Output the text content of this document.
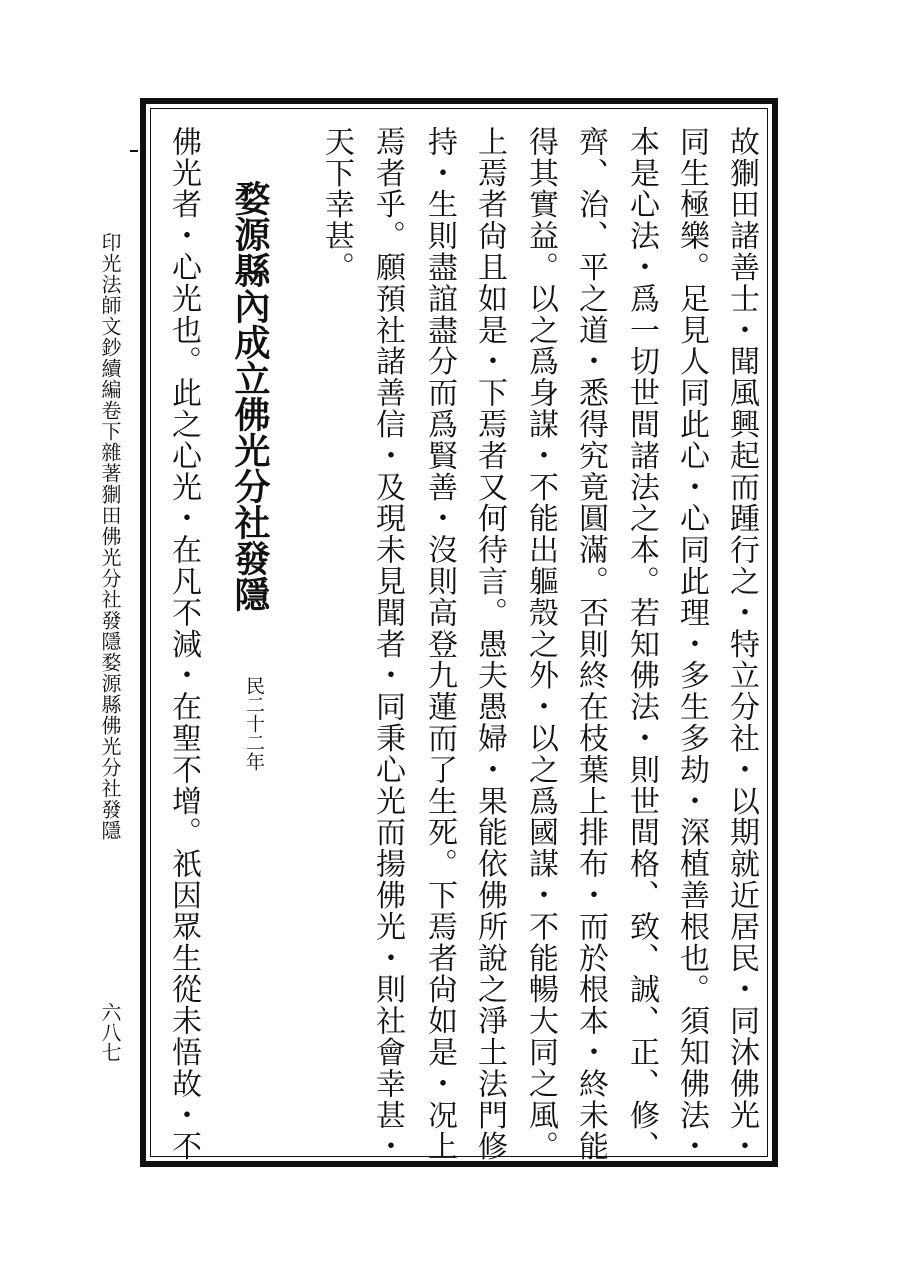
故猘田諸善士・聞風興起而踵行之・特立分社・以期就近居民・同沐佛光・

同生極樂。足見人同此心・心同此理・多生多劫・深植善根也。須知佛法・

本是心法・爲一切世間諸法之本。若知佛法・則世間格、致、誠、正、修、

齊、治、平之道・悉得究竟圓滿。否則終在枝葉上排布・而於根本・終未能

得其實益。以之爲身謀・不能出軀殼之外・以之爲國謀・不能暢大同之風。

上焉者尙且如是・下焉者又何待言。愚夫愚婦・果能依佛所說之淨土法門修

持・生則盡誼盡分而爲賢善・沒則高登九蓮而了生死。下焉者尙如是・况上

焉者乎。願預社諸善信・及現未見聞者・同秉心光而揚佛光・則社會幸甚・

天下幸甚。

婺源縣內成立佛光分社發隱
民二十二年

佛光者・心光也。此之心光・在凡不減・在聖不增。祇因眾生從未悟故・不

印光法師文鈔續編卷下雜著猘田佛光分社發隱婺源縣佛光分社發隱
六八七
